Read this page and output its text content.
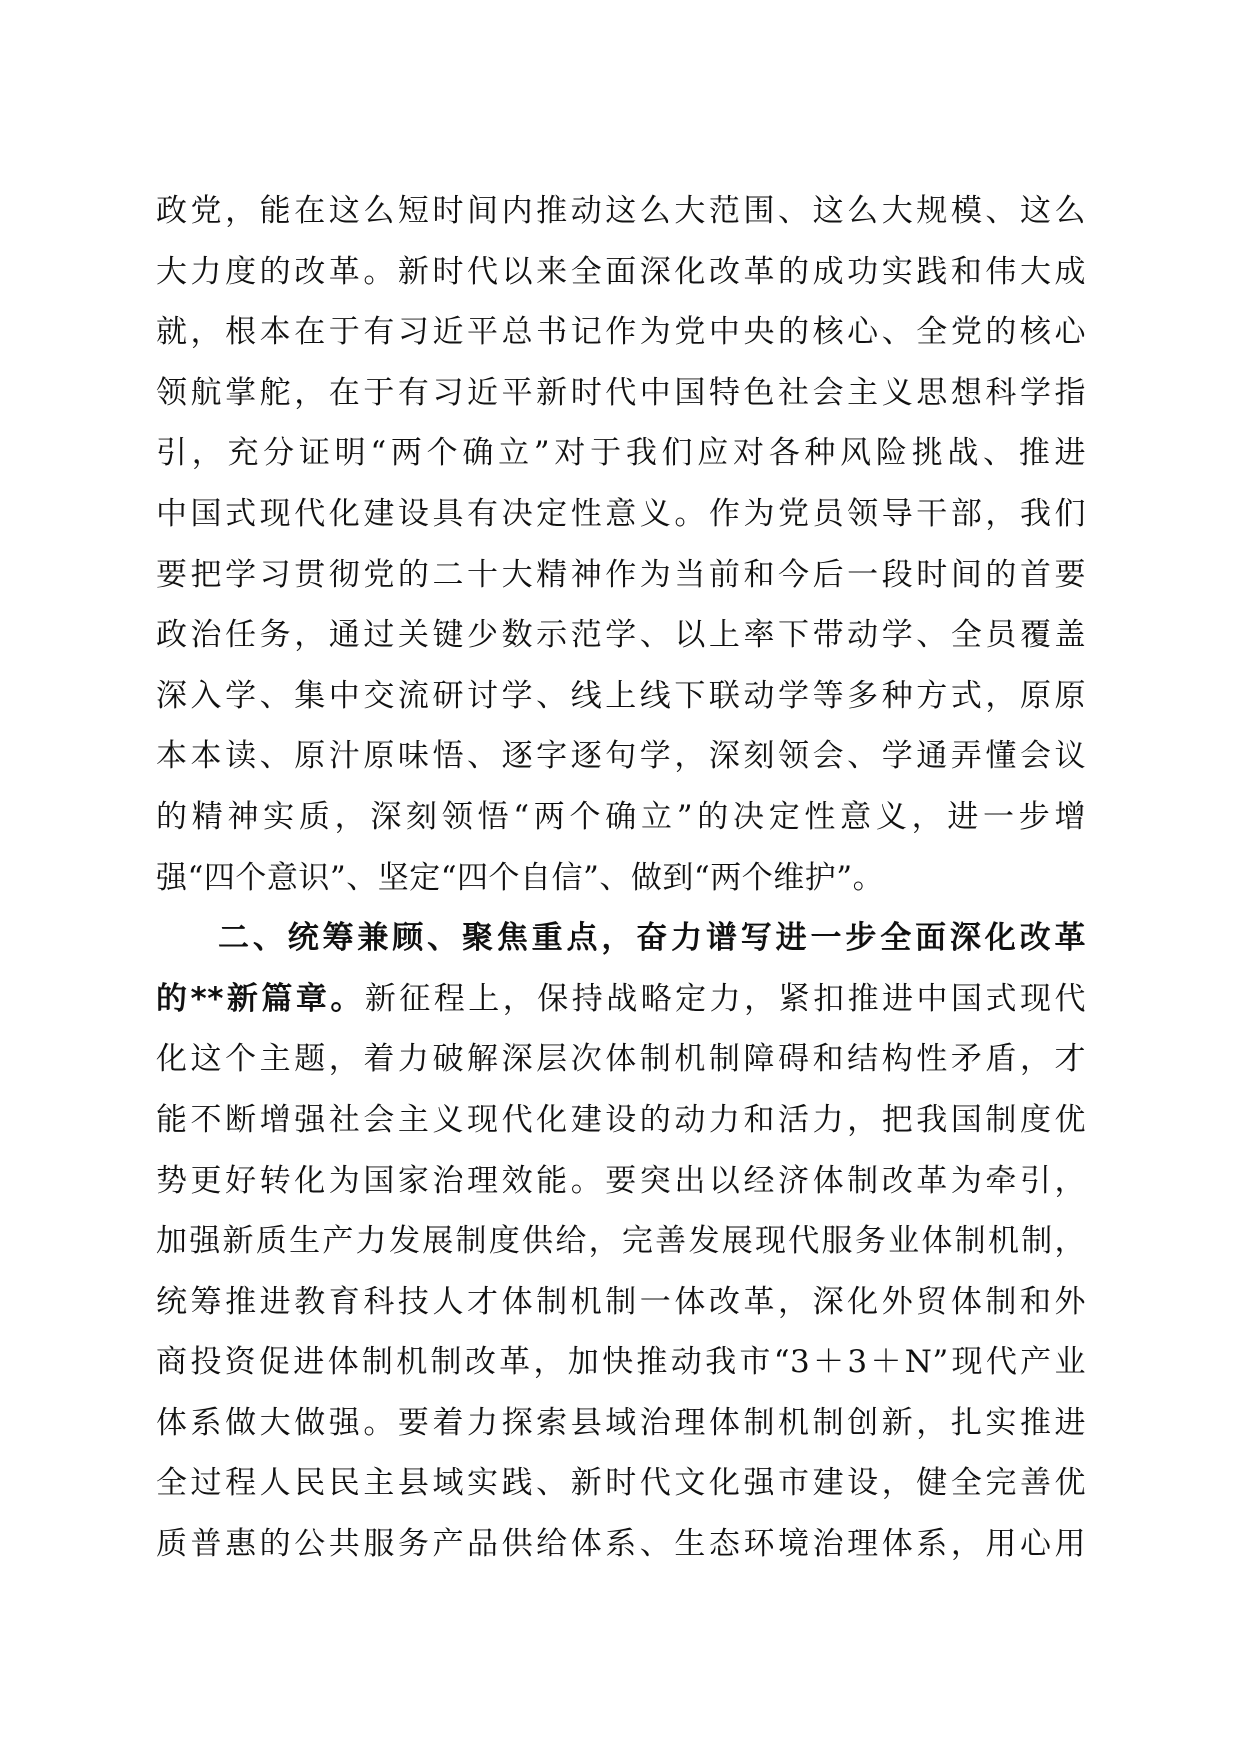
政党，能在这么短时间内推动这么大范围、这么大规模、这么
大力度的改革。新时代以来全面深化改革的成功实践和伟大成
就，根本在于有习近平总书记作为党中央的核心、全党的核心
领航掌舵，在于有习近平新时代中国特色社会主义思想科学指
引，充分证明“两个确立”对于我们应对各种风险挑战、推进
中国式现代化建设具有决定性意义。作为党员领导干部，我们
要把学习贯彻党的二十大精神作为当前和今后一段时间的首要
政治任务，通过关键少数示范学、以上率下带动学、全员覆盖
深入学、集中交流研讨学、线上线下联动学等多种方式，原原
本本读、原汁原味悟、逐字逐句学，深刻领会、学通弄懂会议
的精神实质，深刻领悟“两个确立”的决定性意义，进一步增
强“四个意识”、坚定“四个自信”、做到“两个维护”。
二、统筹兼顾、聚焦重点，奋力谱写进一步全面深化改革
的**新篇章。新征程上，保持战略定力，紧扣推进中国式现代
化这个主题，着力破解深层次体制机制障碍和结构性矛盾，才
能不断增强社会主义现代化建设的动力和活力，把我国制度优
势更好转化为国家治理效能。要突出以经济体制改革为牵引，
加强新质生产力发展制度供给，完善发展现代服务业体制机制，
统筹推进教育科技人才体制机制一体改革，深化外贸体制和外
商投资促进体制机制改革，加快推动我市“3＋3＋N”现代产业
体系做大做强。要着力探索县域治理体制机制创新，扎实推进
全过程人民民主县域实践、新时代文化强市建设，健全完善优
质普惠的公共服务产品供给体系、生态环境治理体系，用心用
